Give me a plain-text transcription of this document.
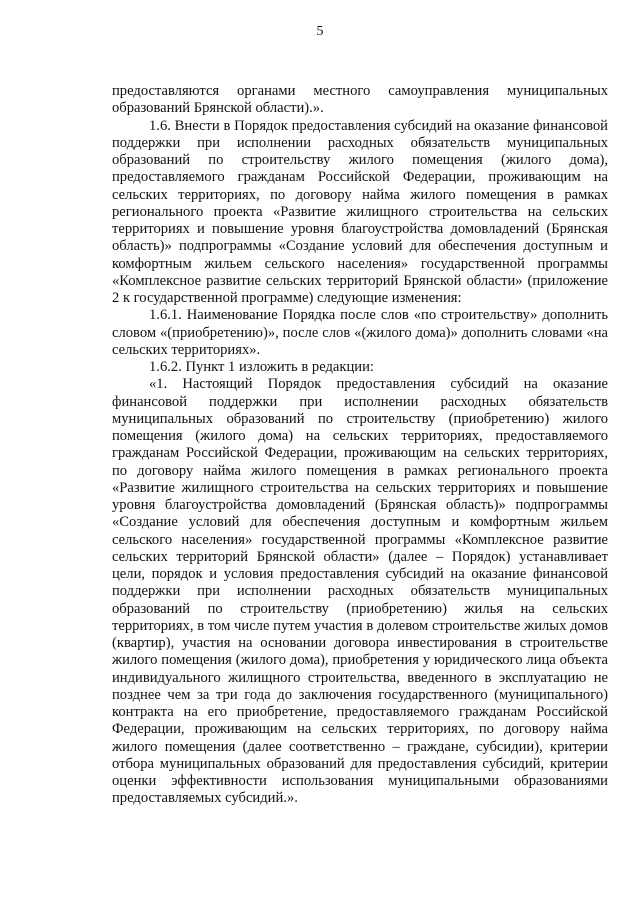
5

предоставляются органами местного самоуправления муниципальных образований Брянской области).».

1.6. Внести в Порядок предоставления субсидий на оказание финансовой поддержки при исполнении расходных обязательств муниципальных образований по строительству жилого помещения (жилого дома), предоставляемого гражданам Российской Федерации, проживающим на сельских территориях, по договору найма жилого помещения в рамках регионального проекта «Развитие жилищного строительства на сельских территориях и повышение уровня благоустройства домовладений (Брянская область)» подпрограммы «Создание условий для обеспечения доступным и комфортным жильем сельского населения» государственной программы «Комплексное развитие сельских территорий Брянской области» (приложение 2 к государственной программе) следующие изменения:

1.6.1. Наименование Порядка после слов «по строительству» дополнить словом «(приобретению)», после слов «(жилого дома)» дополнить словами «на сельских территориях».

1.6.2. Пункт 1 изложить в редакции:

«1. Настоящий Порядок предоставления субсидий на оказание финансовой поддержки при исполнении расходных обязательств муниципальных образований по строительству (приобретению) жилого помещения (жилого дома) на сельских территориях, предоставляемого гражданам Российской Федерации, проживающим на сельских территориях, по договору найма жилого помещения в рамках регионального проекта «Развитие жилищного строительства на сельских территориях и повышение уровня благоустройства домовладений (Брянская область)» подпрограммы «Создание условий для обеспечения доступным и комфортным жильем сельского населения» государственной программы «Комплексное развитие сельских территорий Брянской области» (далее – Порядок) устанавливает цели, порядок и условия предоставления субсидий на оказание финансовой поддержки при исполнении расходных обязательств муниципальных образований по строительству (приобретению) жилья на сельских территориях, в том числе путем участия в долевом строительстве жилых домов (квартир), участия на основании договора инвестирования в строительстве жилого помещения (жилого дома), приобретения у юридического лица объекта индивидуального жилищного строительства, введенного в эксплуатацию не позднее чем за три года до заключения государственного (муниципального) контракта на его приобретение, предоставляемого гражданам Российской Федерации, проживающим на сельских территориях, по договору найма жилого помещения (далее соответственно – граждане, субсидии), критерии отбора муниципальных образований для предоставления субсидий, критерии оценки эффективности использования муниципальными образованиями предоставляемых субсидий.».
